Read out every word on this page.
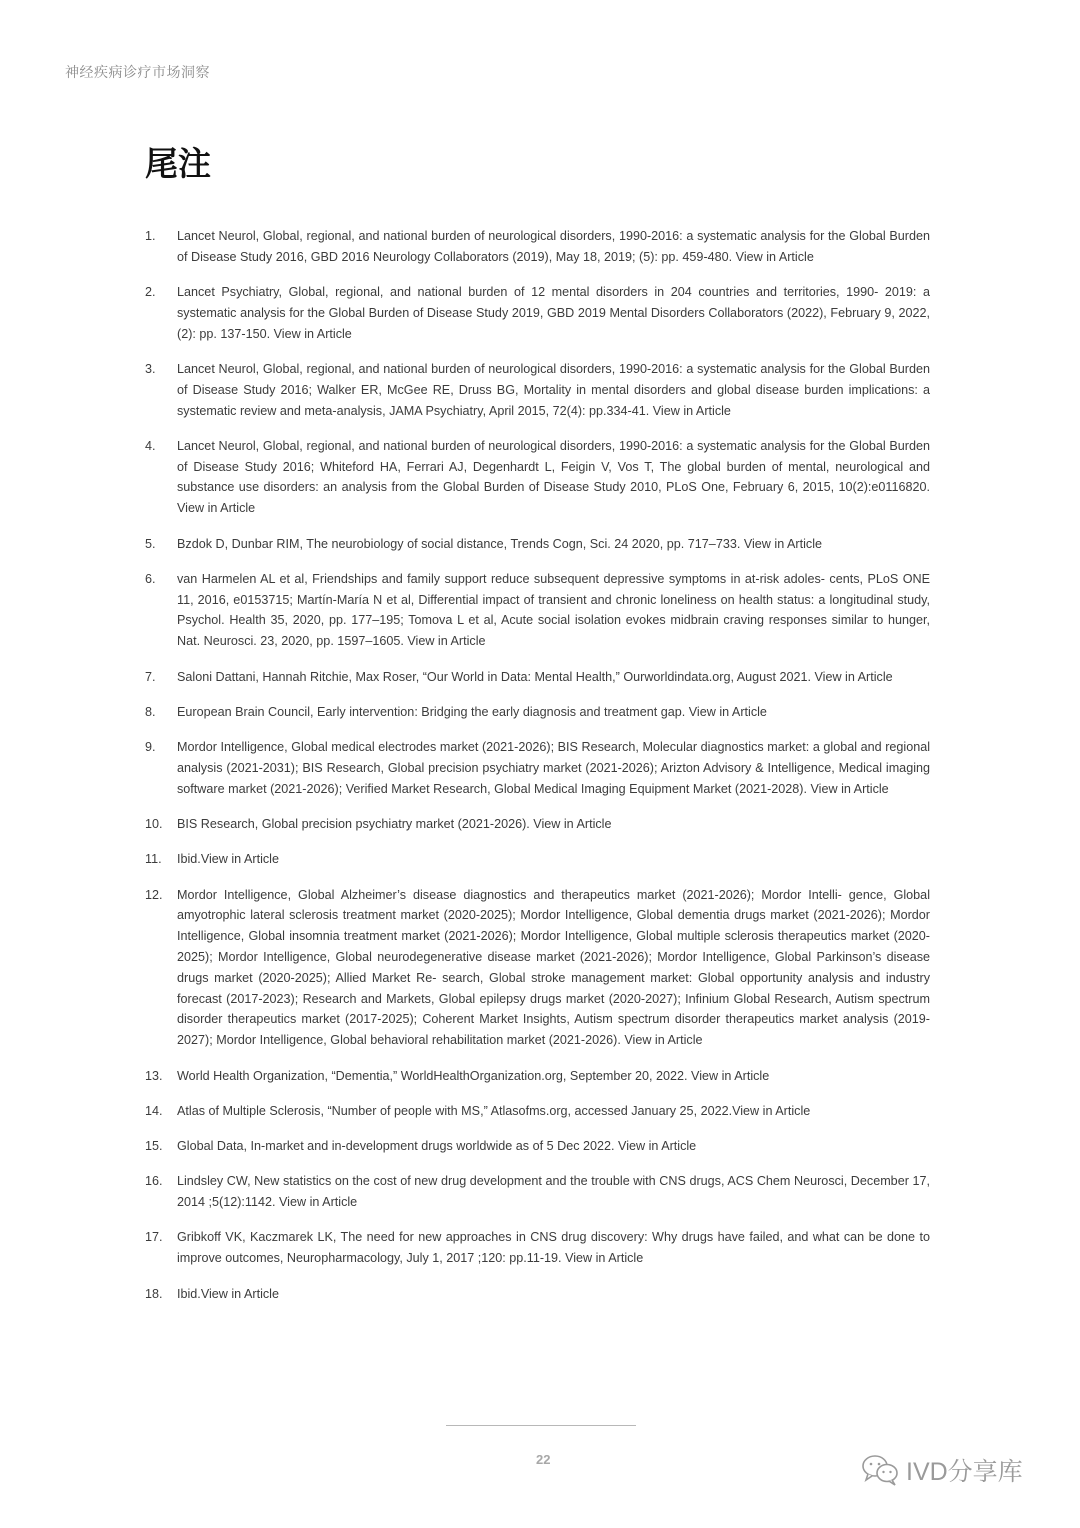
神经疾病诊疗市场洞察
尾注
1.	Lancet Neurol, Global, regional, and national burden of neurological disorders, 1990-2016: a systematic analysis for the Global Burden of Disease Study 2016, GBD 2016 Neurology Collaborators (2019), May 18, 2019; (5): pp. 459-480. View in Article
2.	Lancet Psychiatry, Global, regional, and national burden of 12 mental disorders in 204 countries and territories, 1990- 2019: a systematic analysis for the Global Burden of Disease Study 2019, GBD 2019 Mental Disorders Collaborators (2022), February 9, 2022, (2): pp. 137-150. View in Article
3.	Lancet Neurol, Global, regional, and national burden of neurological disorders, 1990-2016: a systematic analysis for the Global Burden of Disease Study 2016; Walker ER, McGee RE, Druss BG, Mortality in mental disorders and global disease burden implications: a systematic review and meta-analysis, JAMA Psychiatry, April 2015, 72(4): pp.334-41. View in Article
4.	Lancet Neurol, Global, regional, and national burden of neurological disorders, 1990-2016: a systematic analysis for the Global Burden of Disease Study 2016; Whiteford HA, Ferrari AJ, Degenhardt L, Feigin V, Vos T, The global burden of mental, neurological and substance use disorders: an analysis from the Global Burden of Disease Study 2010, PLoS One, February 6, 2015, 10(2):e0116820. View in Article
5.	Bzdok D, Dunbar RIM, The neurobiology of social distance, Trends Cogn, Sci. 24 2020, pp. 717–733. View in Article
6.	van Harmelen AL et al, Friendships and family support reduce subsequent depressive symptoms in at-risk adoles- cents, PLoS ONE 11, 2016, e0153715; Martín-María N et al, Differential impact of transient and chronic loneliness on health status: a longitudinal study, Psychol. Health 35, 2020, pp. 177–195; Tomova L et al, Acute social isolation evokes midbrain craving responses similar to hunger, Nat. Neurosci. 23, 2020, pp. 1597–1605. View in Article
7.	Saloni Dattani, Hannah Ritchie, Max Roser, “Our World in Data: Mental Health,” Ourworldindata.org, August 2021. View in Article
8.	European Brain Council, Early intervention: Bridging the early diagnosis and treatment gap. View in Article
9.	Mordor Intelligence, Global medical electrodes market (2021-2026); BIS Research, Molecular diagnostics market: a global and regional analysis (2021-2031); BIS Research, Global precision psychiatry market (2021-2026); Arizton Advisory & Intelligence, Medical imaging software market (2021-2026); Verified Market Research, Global Medical Imaging Equipment Market (2021-2028). View in Article
10.	BIS Research, Global precision psychiatry market (2021-2026). View in Article
11.	Ibid.View in Article
12.	Mordor Intelligence, Global Alzheimer’s disease diagnostics and therapeutics market (2021-2026); Mordor Intelli- gence, Global amyotrophic lateral sclerosis treatment market (2020-2025); Mordor Intelligence, Global dementia drugs market (2021-2026); Mordor Intelligence, Global insomnia treatment market (2021-2026); Mordor Intelligence, Global multiple sclerosis therapeutics market (2020-2025); Mordor Intelligence, Global neurodegenerative disease market (2021-2026); Mordor Intelligence, Global Parkinson’s disease drugs market (2020-2025); Allied Market Re- search, Global stroke management market: Global opportunity analysis and industry forecast (2017-2023); Research and Markets, Global epilepsy drugs market (2020-2027); Infinium Global Research, Autism spectrum disorder therapeutics market (2017-2025); Coherent Market Insights, Autism spectrum disorder therapeutics market analysis (2019-2027); Mordor Intelligence, Global behavioral rehabilitation market (2021-2026). View in Article
13.	World Health Organization, “Dementia,” WorldHealthOrganization.org, September 20, 2022. View in Article
14.	Atlas of Multiple Sclerosis, “Number of people with MS,” Atlasofms.org, accessed January 25, 2022.View in Article
15.	Global Data, In-market and in-development drugs worldwide as of 5 Dec 2022. View in Article
16.	Lindsley CW, New statistics on the cost of new drug development and the trouble with CNS drugs, ACS Chem Neurosci, December 17, 2014 ;5(12):1142. View in Article
17.	Gribkoff VK, Kaczmarek LK, The need for new approaches in CNS drug discovery: Why drugs have failed, and what can be done to improve outcomes, Neuropharmacology, July 1, 2017 ;120: pp.11-19. View in Article
18.	Ibid.View in Article
22	IVD分享库
